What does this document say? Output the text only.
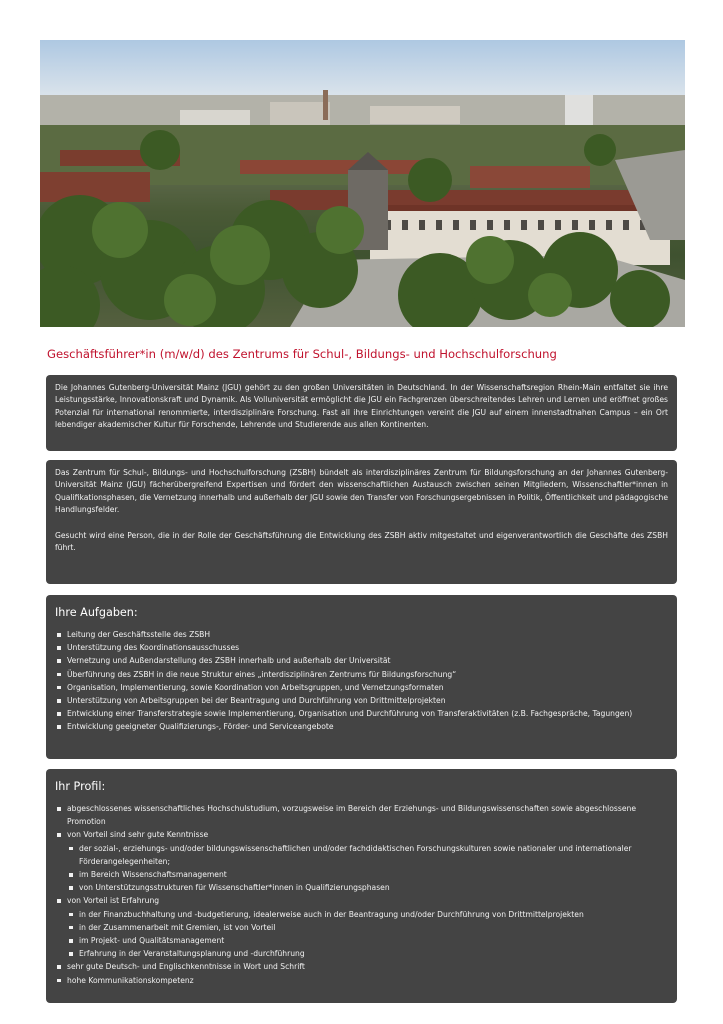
Geschäftsführer*in (m/w/d) des Zentrums für Schul-, Bildungs- und Hochschulforschung

Die Johannes Gutenberg-Universität Mainz (JGU) gehört zu den großen Universitäten in Deutschland. In der Wissenschaftsregion Rhein-Main entfaltet sie ihre Leistungsstärke, Innovationskraft und Dynamik. Als Volluniversität ermöglicht die JGU ein Fachgrenzen überschreitendes Lehren und Lernen und eröffnet großes Potenzial für international renommierte, interdisziplinäre Forschung. Fast all ihre Einrichtungen vereint die JGU auf einem innenstadtnahen Campus – ein Ort lebendiger akademischer Kultur für Forschende, Lehrende und Studierende aus allen Kontinenten.

Das Zentrum für Schul-, Bildungs- und Hochschulforschung (ZSBH) bündelt als interdisziplinäres Zentrum für Bildungsforschung an der Johannes Gutenberg-Universität Mainz (JGU) fächerübergreifend Expertisen und fördert den wissenschaftlichen Austausch zwischen seinen Mitgliedern, Wissenschaftler*innen in Qualifikationsphasen, die Vernetzung innerhalb und außerhalb der JGU sowie den Transfer von Forschungsergebnissen in Politik, Öffentlichkeit und pädagogische Handlungsfelder.

Gesucht wird eine Person, die in der Rolle der Geschäftsführung die Entwicklung des ZSBH aktiv mitgestaltet und eigenverantwortlich die Geschäfte des ZSBH führt.

Ihre Aufgaben:
Leitung der Geschäftsstelle des ZSBH
Unterstützung des Koordinationsausschusses
Vernetzung und Außendarstellung des ZSBH innerhalb und außerhalb der Universität
Überführung des ZSBH in die neue Struktur eines „interdisziplinären Zentrums für Bildungsforschung“
Organisation, Implementierung, sowie Koordination von Arbeitsgruppen, und Vernetzungsformaten
Unterstützung von Arbeitsgruppen bei der Beantragung und Durchführung von Drittmittelprojekten
Entwicklung einer Transferstrategie sowie Implementierung, Organisation und Durchführung von Transferaktivitäten (z.B. Fachgespräche, Tagungen)
Entwicklung geeigneter Qualifizierungs-, Förder- und Serviceangebote
Ihr Profil:
abgeschlossenes wissenschaftliches Hochschulstudium, vorzugsweise im Bereich der Erziehungs- und Bildungswissenschaften sowie abgeschlossene Promotion
von Vorteil sind sehr gute Kenntnisse
der sozial-, erziehungs- und/oder bildungswissenschaftlichen und/oder fachdidaktischen Forschungskulturen sowie nationaler und internationaler Förderangelegenheiten;
im Bereich Wissenschaftsmanagement
von Unterstützungsstrukturen für Wissenschaftler*innen in Qualifizierungsphasen
von Vorteil ist Erfahrung
in der Finanzbuchhaltung und -budgetierung, idealerweise auch in der Beantragung und/oder Durchführung von Drittmittelprojekten
in der Zusammenarbeit mit Gremien, ist von Vorteil
im Projekt- und Qualitätsmanagement
Erfahrung in der Veranstaltungsplanung und -durchführung
sehr gute Deutsch- und Englischkenntnisse in Wort und Schrift
hohe Kommunikationskompetenz
